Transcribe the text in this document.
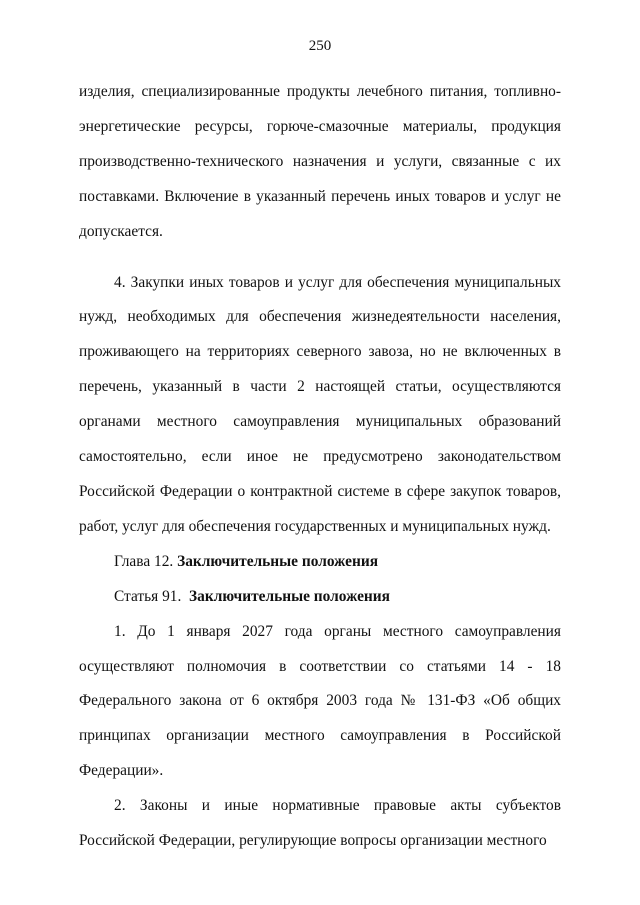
250

изделия, специализированные продукты лечебного питания, топливно-энергетические ресурсы, горюче-смазочные материалы, продукция производственно-технического назначения и услуги, связанные с их поставками. Включение в указанный перечень иных товаров и услуг не допускается.

4. Закупки иных товаров и услуг для обеспечения муниципальных нужд, необходимых для обеспечения жизнедеятельности населения, проживающего на территориях северного завоза, но не включенных в перечень, указанный в части 2 настоящей статьи, осуществляются органами местного самоуправления муниципальных образований самостоятельно, если иное не предусмотрено законодательством Российской Федерации о контрактной системе в сфере закупок товаров, работ, услуг для обеспечения государственных и муниципальных нужд.

Глава 12. Заключительные положения

Статья 91. Заключительные положения

1. До 1 января 2027 года органы местного самоуправления осуществляют полномочия в соответствии со статьями 14 - 18 Федерального закона от 6 октября 2003 года № 131-ФЗ «Об общих принципах организации местного самоуправления в Российской Федерации».

2. Законы и иные нормативные правовые акты субъектов Российской Федерации, регулирующие вопросы организации местного
